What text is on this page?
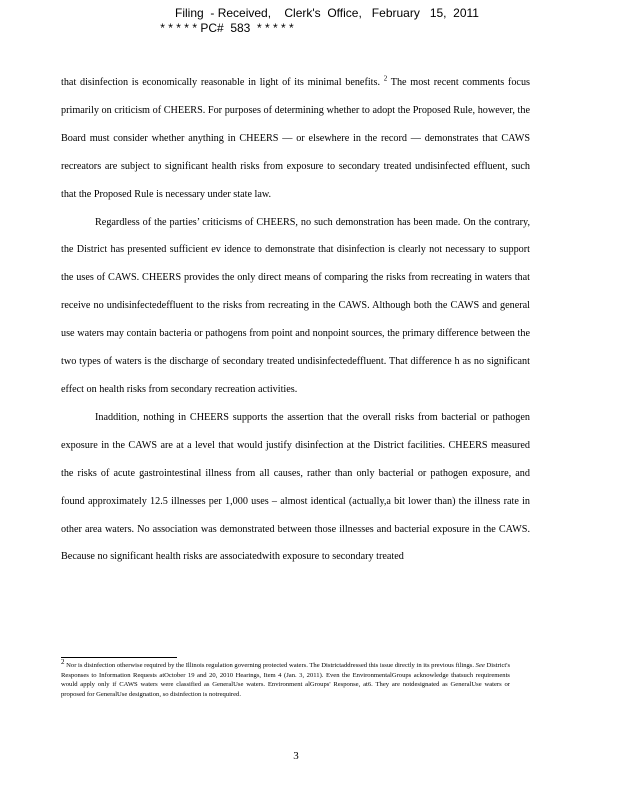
Filing  - Received,    Clerk's  Office,   February   15,  2011
* * * * * PC#  583  * * * * *

that disinfection is economically reasonable in light of its minimal benefits. $^2$ The most recent comments focus primarily on criticism of CHEERS. For purposes of determining whether to adopt the Proposed Rule, however, the Board must consider whether anything in CHEERS — or elsewhere in the record — demonstrates that CAWS recreators are subject to significant health risks from exposure to secondary treated undisinfected effluent, such that the Proposed Rule is necessary under state law.

Regardless of the parties’ criticisms of CHEERS, no such demonstration has been made. On the contrary, the District has presented sufficient ev idence to demonstrate that disinfection is clearly not necessary to support the uses of CAWS. CHEERS provides the only direct means of comparing the risks from recreating in waters that receive no undisinfectedeffluent to the risks from recreating in the CAWS. Although both the CAWS and general use waters may contain bacteria or pathogens from point and nonpoint sources, the primary difference between the two types of waters is the discharge of secondary treated undisinfectedeffluent. That difference h as no significant effect on health risks from secondary recreation activities.

Inaddition, nothing in CHEERS supports the assertion that the overall risks from bacterial or pathogen exposure in the CAWS are at a level that would justify disinfection at the District facilities. CHEERS measured the risks of acute gastrointestinal illness from all causes, rather than only bacterial or pathogen exposure, and found approximately 12.5 illnesses per 1,000 uses – almost identical (actually,a bit lower than) the illness rate in other area waters. No association was demonstrated between those illnesses and bacterial exposure in the CAWS. Because no significant health risks are associatedwith exposure to secondary treated

$^2$ Nor is disinfection otherwise required by the Illinois regulation governing protected waters. The Districtaddressed this issue directly in its previous filings. See District's Responses to Information Requests atOctober 19 and 20, 2010 Hearings, Item 4 (Jan. 3, 2011). Even the EnvironmentalGroups acknowledge thatsuch requirements would apply only if CAWS waters were classified as GeneralUse waters. Environment alGroups' Response, at6. They are notdesignated as GeneralUse waters or proposed for GeneralUse designation, so disinfection is notrequired.

3
